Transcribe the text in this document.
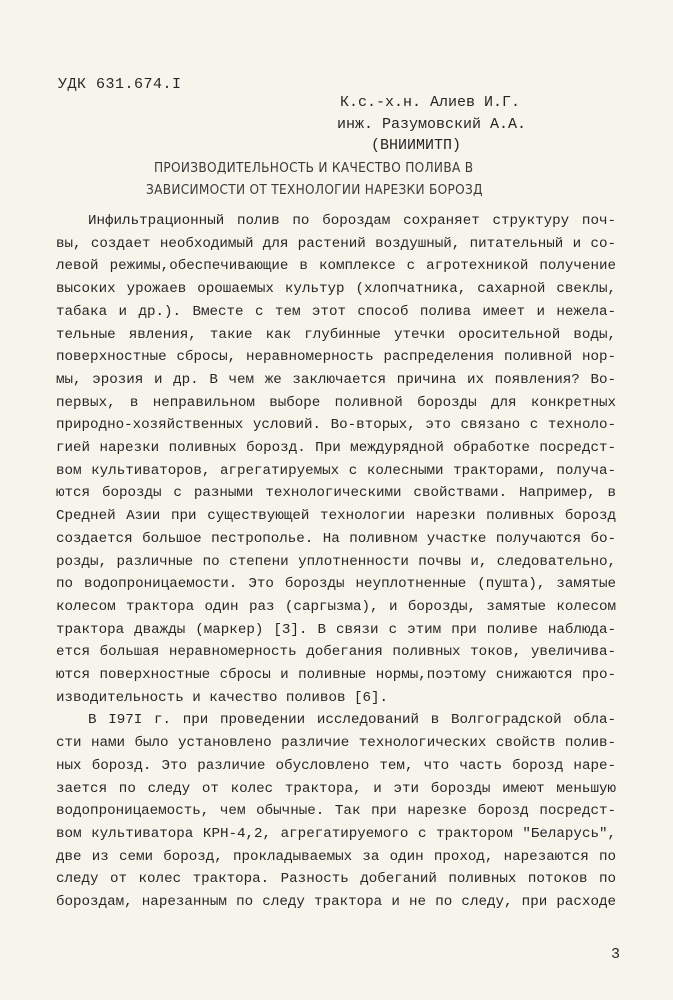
УДК 631.674.I
К.с.-х.н. Алиев И.Г.
инж. Разумовский А.А.
(ВНИИМИТП)
ПРОИЗВОДИТЕЛЬНОСТЬ И КАЧЕСТВО ПОЛИВА В
ЗАВИСИМОСТИ ОТ ТЕХНОЛОГИИ НАРЕЗКИ БОРОЗД
Инфильтрационный полив по бороздам сохраняет структуру поч-
вы, создает необходимый для растений воздушный, питательный и со-
левой режимы,обеспечивающие в комплексе с агротехникой получение
высоких урожаев орошаемых культур (хлопчатника, сахарной свеклы,
табака и др.). Вместе с тем этот способ полива имеет и нежела-
тельные явления, такие как глубинные утечки оросительной воды,
поверхностные сбросы, неравномерность распределения поливной нор-
мы, эрозия и др. В чем же заключается причина их появления? Во-
первых, в неправильном выборе поливной борозды для конкретных
природно-хозяйственных условий. Во-вторых, это связано с техноло-
гией нарезки поливных борозд. При междурядной обработке посредст-
вом культиваторов, агрегатируемых с колесными тракторами, получа-
ются борозды с разными технологическими свойствами. Например, в
Средней Азии при существующей технологии нарезки поливных борозд
создается большое пестрополье. На поливном участке получаются бо-
розды, различные по степени уплотненности почвы и, следовательно,
по водопроницаемости. Это борозды неуплотненные (пушта), замятые
колесом трактора один раз (саргызма), и борозды, замятые колесом
трактора дважды (маркер) [3]. В связи с этим при поливе наблюда-
ется большая неравномерность добегания поливных токов, увеличива-
ются поверхностные сбросы и поливные нормы,поэтому снижаются про-
изводительность и качество поливов [6].
В I97I г. при проведении исследований в Волгоградской обла-
сти нами было установлено различие технологических свойств полив-
ных борозд. Это различие обусловлено тем, что часть борозд наре-
зается по следу от колес трактора, и эти борозды имеют меньшую
водопроницаемость, чем обычные. Так при нарезке борозд посредст-
вом культиватора КРН-4,2, агрегатируемого с трактором "Беларусь",
две из семи борозд, прокладываемых за один проход, нарезаются по
следу от колес трактора. Разность добеганий поливных потоков по
бороздам, нарезанным по следу трактора и не по следу, при расходе
3
